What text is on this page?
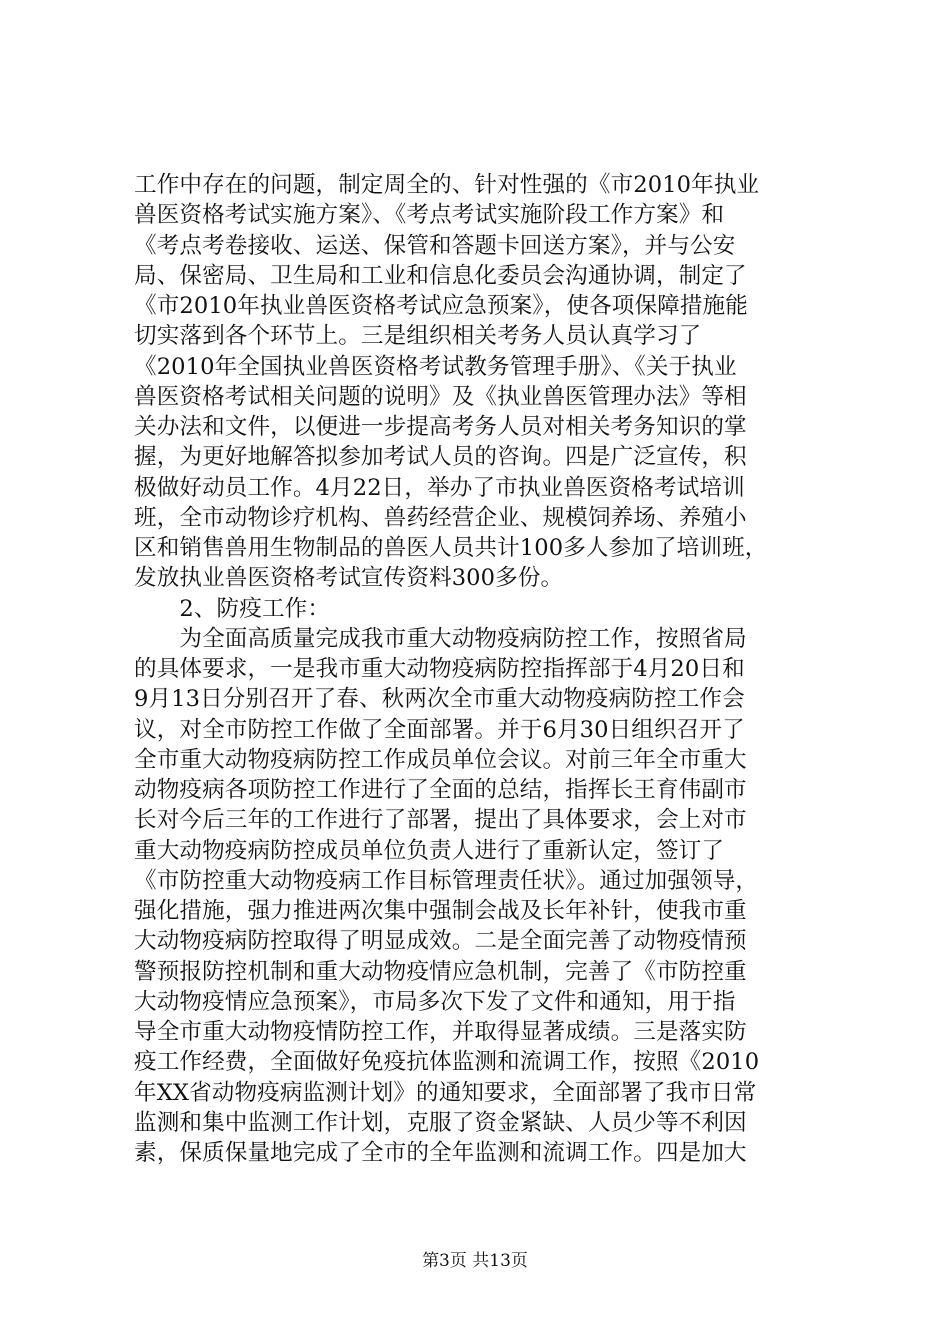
工作中存在的问题，制定周全的、针对性强的《市2010年执业
兽医资格考试实施方案》、《考点考试实施阶段工作方案》和
《考点考卷接收、运送、保管和答题卡回送方案》，并与公安
局、保密局、卫生局和工业和信息化委员会沟通协调，制定了
《市2010年执业兽医资格考试应急预案》，使各项保障措施能
切实落到各个环节上。三是组织相关考务人员认真学习了
《2010年全国执业兽医资格考试教务管理手册》、《关于执业
兽医资格考试相关问题的说明》及《执业兽医管理办法》等相
关办法和文件，以便进一步提高考务人员对相关考务知识的掌
握，为更好地解答拟参加考试人员的咨询。四是广泛宣传，积
极做好动员工作。4月22日，举办了市执业兽医资格考试培训
班，全市动物诊疗机构、兽药经营企业、规模饲养场、养殖小
区和销售兽用生物制品的兽医人员共计100多人参加了培训班，
发放执业兽医资格考试宣传资料300多份。
　　2、防疫工作：
　　为全面高质量完成我市重大动物疫病防控工作，按照省局
的具体要求，一是我市重大动物疫病防控指挥部于4月20日和
9月13日分别召开了春、秋两次全市重大动物疫病防控工作会
议，对全市防控工作做了全面部署。并于6月30日组织召开了
全市重大动物疫病防控工作成员单位会议。对前三年全市重大
动物疫病各项防控工作进行了全面的总结，指挥长王育伟副市
长对今后三年的工作进行了部署，提出了具体要求，会上对市
重大动物疫病防控成员单位负责人进行了重新认定，签订了
《市防控重大动物疫病工作目标管理责任状》。通过加强领导，
强化措施，强力推进两次集中强制会战及长年补针，使我市重
大动物疫病防控取得了明显成效。二是全面完善了动物疫情预
警预报防控机制和重大动物疫情应急机制，完善了《市防控重
大动物疫情应急预案》，市局多次下发了文件和通知，用于指
导全市重大动物疫情防控工作，并取得显著成绩。三是落实防
疫工作经费，全面做好免疫抗体监测和流调工作，按照《2010
年XX省动物疫病监测计划》的通知要求，全面部署了我市日常
监测和集中监测工作计划，克服了资金紧缺、人员少等不利因
素，保质保量地完成了全市的全年监测和流调工作。四是加大
第3页 共13页
